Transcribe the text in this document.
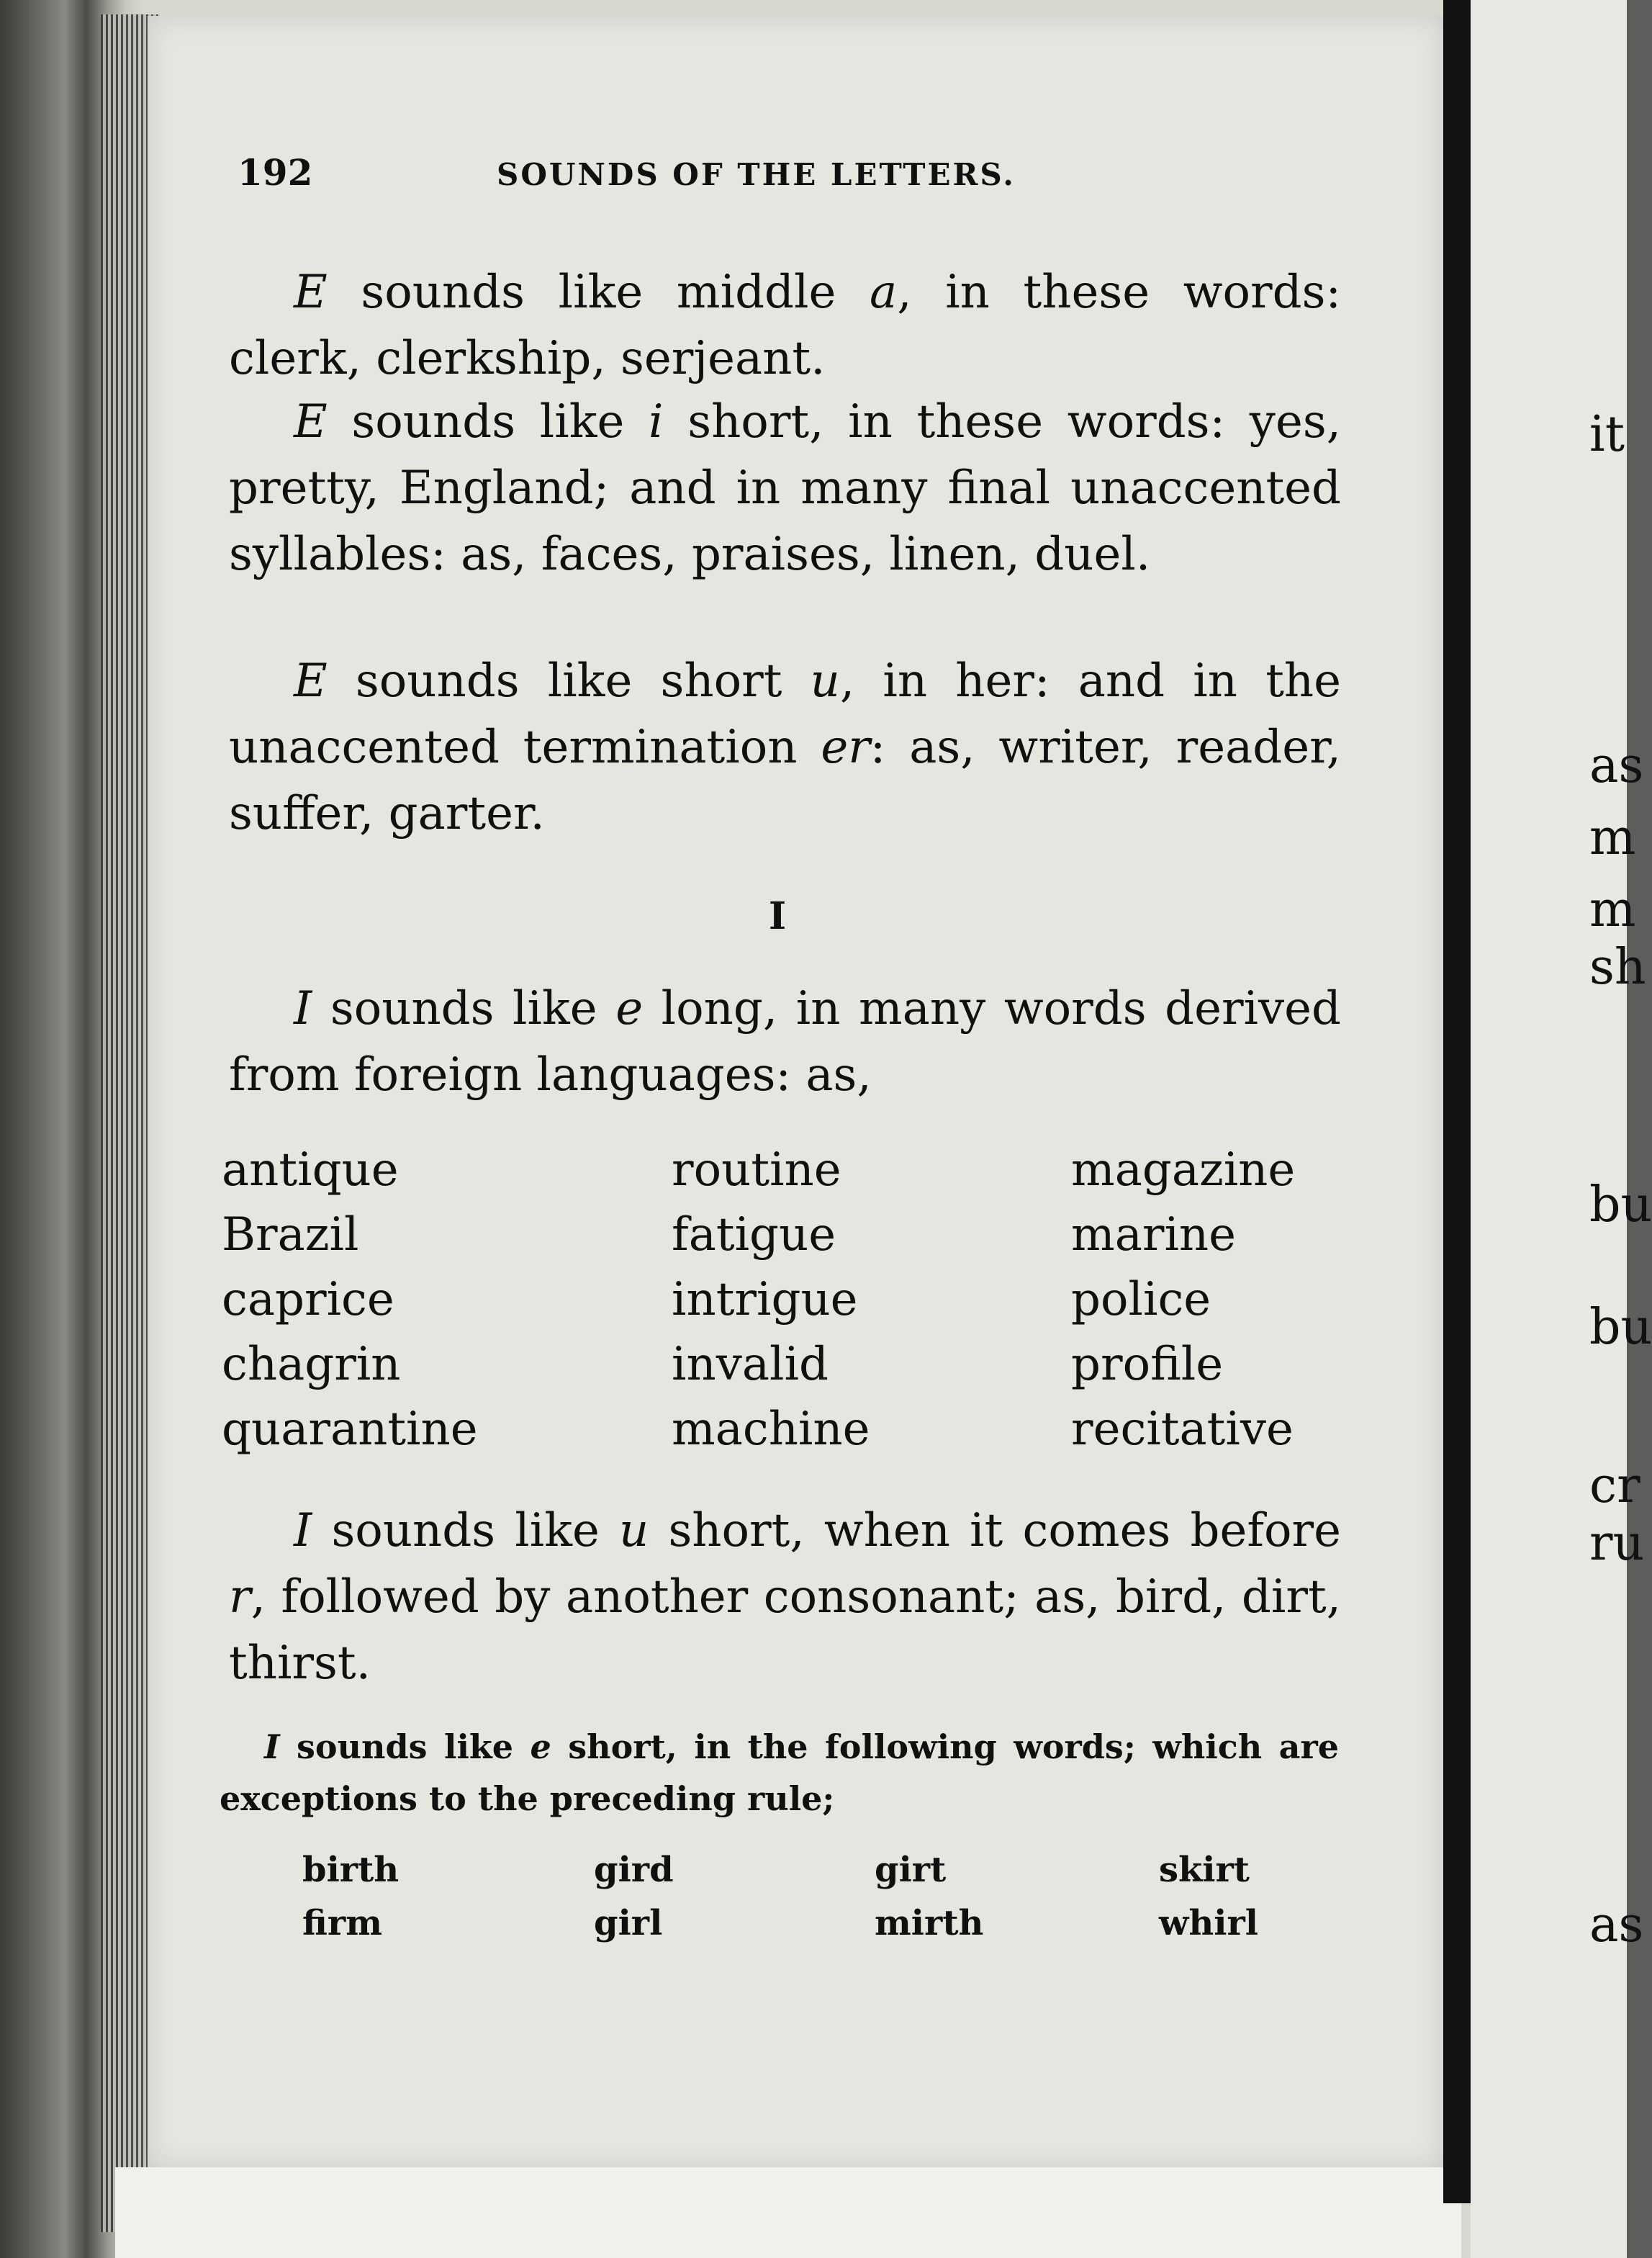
it
as
m
m
sh
bu
bu
cr
ru
as
192	SOUNDS OF THE LETTERS.
E sounds like middle a, in these words: clerk, clerkship, serjeant.
E sounds like i short, in these words: yes, pretty, England; and in many final unaccented syllables: as, faces, praises, linen, duel.
E sounds like short u, in her: and in the unaccented termination er: as, writer, reader, suffer, garter.
I
I sounds like e long, in many words derived from foreign languages: as,
antique
Brazil
caprice
chagrin
quarantine
routine
fatigue
intrigue
invalid
machine
magazine
marine
police
profile
recitative
I sounds like u short, when it comes before r, followed by another consonant; as, bird, dirt, thirst.
I sounds like e short, in the following words; which are exceptions to the preceding rule;
birth
firm
gird
girl
girt
mirth
skirt
whirl
